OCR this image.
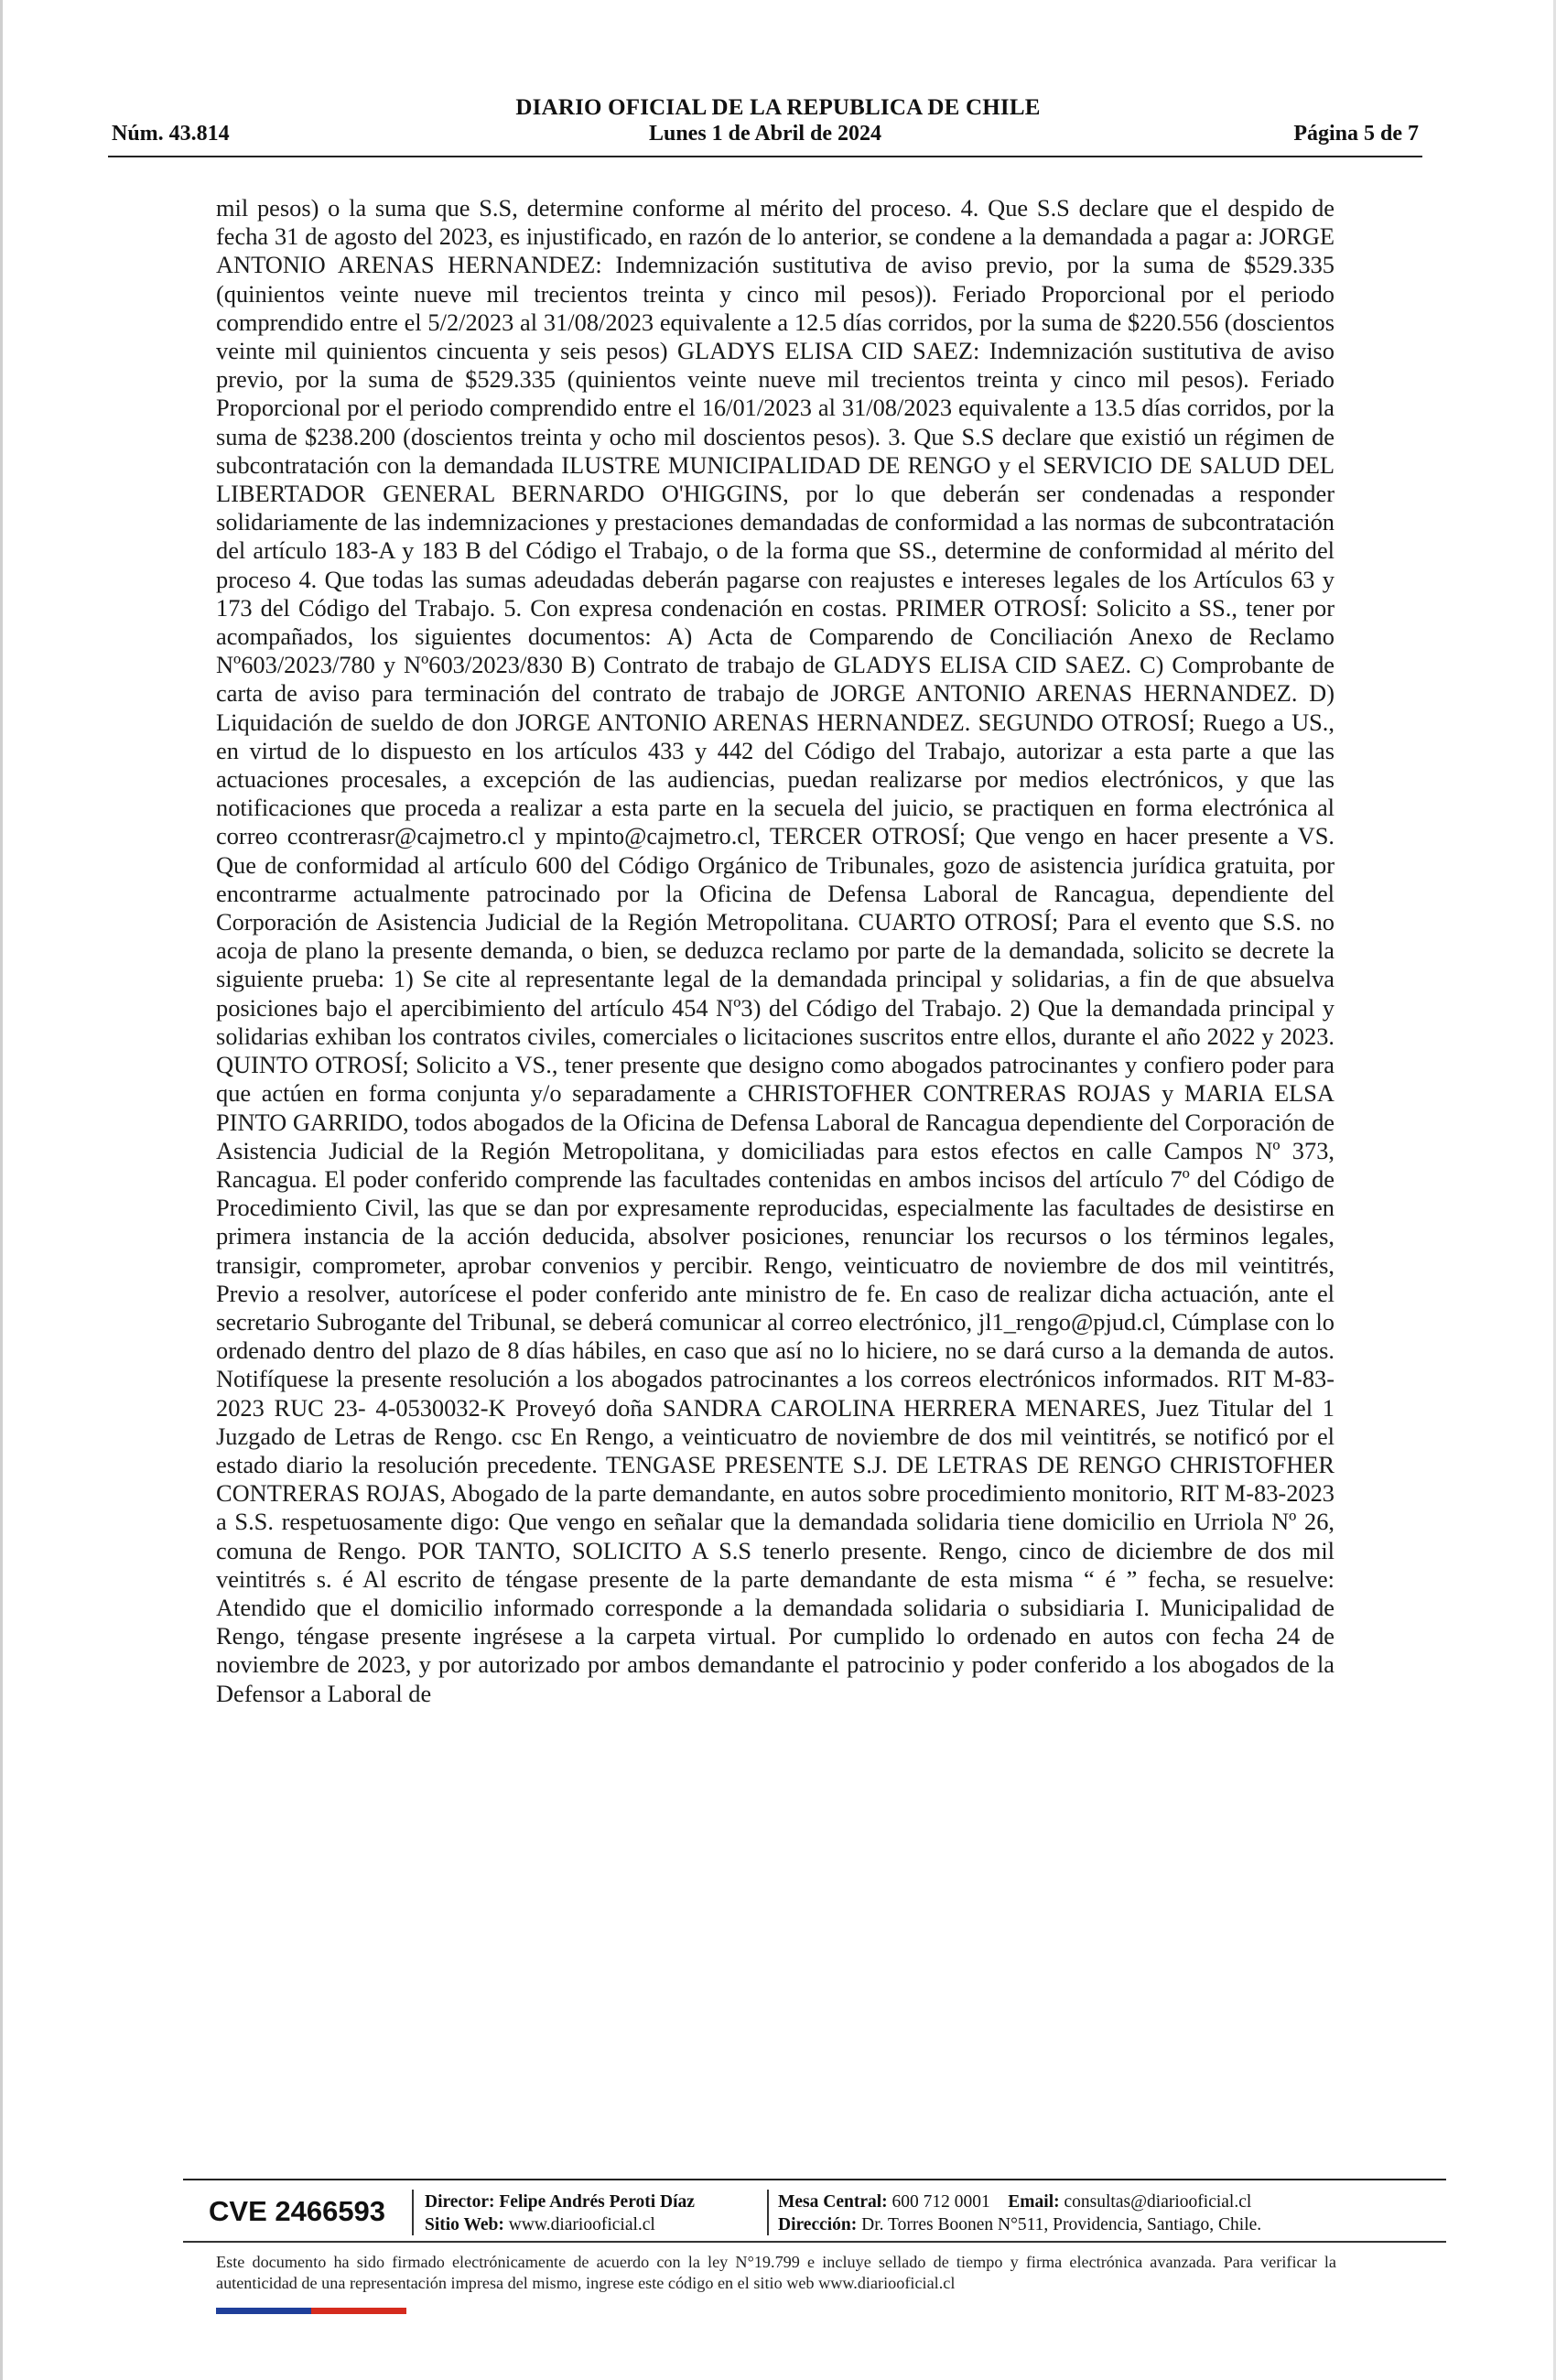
DIARIO OFICIAL DE LA REPUBLICA DE CHILE
Núm. 43.814	Lunes 1 de Abril de 2024	Página 5 de 7
mil pesos) o la suma que S.S, determine conforme al mérito del proceso. 4. Que S.S declare que el despido de fecha 31 de agosto del 2023, es injustificado, en razón de lo anterior, se condene a la demandada a pagar a: JORGE ANTONIO ARENAS HERNANDEZ: Indemnización sustitutiva de aviso previo, por la suma de $529.335 (quinientos veinte nueve mil trecientos treinta y cinco mil pesos)). Feriado Proporcional por el periodo comprendido entre el 5/2/2023 al 31/08/2023 equivalente a 12.5 días corridos, por la suma de $220.556 (doscientos veinte mil quinientos cincuenta y seis pesos) GLADYS ELISA CID SAEZ: Indemnización sustitutiva de aviso previo, por la suma de $529.335 (quinientos veinte nueve mil trecientos treinta y cinco mil pesos). Feriado Proporcional por el periodo comprendido entre el 16/01/2023 al 31/08/2023 equivalente a 13.5 días corridos, por la suma de $238.200 (doscientos treinta y ocho mil doscientos pesos). 3. Que S.S declare que existió un régimen de subcontratación con la demandada ILUSTRE MUNICIPALIDAD DE RENGO y el SERVICIO DE SALUD DEL LIBERTADOR GENERAL BERNARDO O'HIGGINS, por lo que deberán ser condenadas a responder solidariamente de las indemnizaciones y prestaciones demandadas de conformidad a las normas de subcontratación del artículo 183-A y 183 B del Código el Trabajo, o de la forma que SS., determine de conformidad al mérito del proceso 4. Que todas las sumas adeudadas deberán pagarse con reajustes e intereses legales de los Artículos 63 y 173 del Código del Trabajo. 5. Con expresa condenación en costas. PRIMER OTROSÍ: Solicito a SS., tener por acompañados, los siguientes documentos: A) Acta de Comparendo de Conciliación Anexo de Reclamo Nº603/2023/780 y Nº603/2023/830 B) Contrato de trabajo de GLADYS ELISA CID SAEZ. C) Comprobante de carta de aviso para terminación del contrato de trabajo de JORGE ANTONIO ARENAS HERNANDEZ. D) Liquidación de sueldo de don JORGE ANTONIO ARENAS HERNANDEZ. SEGUNDO OTROSÍ; Ruego a US., en virtud de lo dispuesto en los artículos 433 y 442 del Código del Trabajo, autorizar a esta parte a que las actuaciones procesales, a excepción de las audiencias, puedan realizarse por medios electrónicos, y que las notificaciones que proceda a realizar a esta parte en la secuela del juicio, se practiquen en forma electrónica al correo ccontrerasr@cajmetro.cl y mpinto@cajmetro.cl, TERCER OTROSÍ; Que vengo en hacer presente a VS. Que de conformidad al artículo 600 del Código Orgánico de Tribunales, gozo de asistencia jurídica gratuita, por encontrarme actualmente patrocinado por la Oficina de Defensa Laboral de Rancagua, dependiente del Corporación de Asistencia Judicial de la Región Metropolitana. CUARTO OTROSÍ; Para el evento que S.S. no acoja de plano la presente demanda, o bien, se deduzca reclamo por parte de la demandada, solicito se decrete la siguiente prueba: 1) Se cite al representante legal de la demandada principal y solidarias, a fin de que absuelva posiciones bajo el apercibimiento del artículo 454 Nº3) del Código del Trabajo. 2) Que la demandada principal y solidarias exhiban los contratos civiles, comerciales o licitaciones suscritos entre ellos, durante el año 2022 y 2023. QUINTO OTROSÍ; Solicito a VS., tener presente que designo como abogados patrocinantes y confiero poder para que actúen en forma conjunta y/o separadamente a CHRISTOFHER CONTRERAS ROJAS y MARIA ELSA PINTO GARRIDO, todos abogados de la Oficina de Defensa Laboral de Rancagua dependiente del Corporación de Asistencia Judicial de la Región Metropolitana, y domiciliadas para estos efectos en calle Campos Nº 373, Rancagua. El poder conferido comprende las facultades contenidas en ambos incisos del artículo 7º del Código de Procedimiento Civil, las que se dan por expresamente reproducidas, especialmente las facultades de desistirse en primera instancia de la acción deducida, absolver posiciones, renunciar los recursos o los términos legales, transigir, comprometer, aprobar convenios y percibir. Rengo, veinticuatro de noviembre de dos mil veintitrés, Previo a resolver, autorícese el poder conferido ante ministro de fe. En caso de realizar dicha actuación, ante el secretario Subrogante del Tribunal, se deberá comunicar al correo electrónico, jl1_rengo@pjud.cl, Cúmplase con lo ordenado dentro del plazo de 8 días hábiles, en caso que así no lo hiciere, no se dará curso a la demanda de autos. Notifíquese la presente resolución a los abogados patrocinantes a los correos electrónicos informados. RIT M-83-2023 RUC 23- 4-0530032-K Proveyó doña SANDRA CAROLINA HERRERA MENARES, Juez Titular del 1 Juzgado de Letras de Rengo. csc En Rengo, a veinticuatro de noviembre de dos mil veintitrés, se notificó por el estado diario la resolución precedente. TENGASE PRESENTE S.J. DE LETRAS DE RENGO CHRISTOFHER CONTRERAS ROJAS, Abogado de la parte demandante, en autos sobre procedimiento monitorio, RIT M-83-2023 a S.S. respetuosamente digo: Que vengo en señalar que la demandada solidaria tiene domicilio en Urriola Nº 26, comuna de Rengo. POR TANTO, SOLICITO A S.S tenerlo presente. Rengo, cinco de diciembre de dos mil veintitrés s. é Al escrito de téngase presente de la parte demandante de esta misma “ é ” fecha, se resuelve: Atendido que el domicilio informado corresponde a la demandada solidaria o subsidiaria I. Municipalidad de Rengo, téngase presente ingrésese a la carpeta virtual. Por cumplido lo ordenado en autos con fecha 24 de noviembre de 2023, y por autorizado por ambos demandante el patrocinio y poder conferido a los abogados de la Defensor a Laboral de
CVE 2466593	Director: Felipe Andrés Peroti Díaz
Sitio Web: www.diariooficial.cl
Mesa Central: 600 712 0001 Email: consultas@diariooficial.cl
Dirección: Dr. Torres Boonen N°511, Providencia, Santiago, Chile.
Este documento ha sido firmado electrónicamente de acuerdo con la ley N°19.799 e incluye sellado de tiempo y firma electrónica avanzada. Para verificar la autenticidad de una representación impresa del mismo, ingrese este código en el sitio web www.diariooficial.cl
